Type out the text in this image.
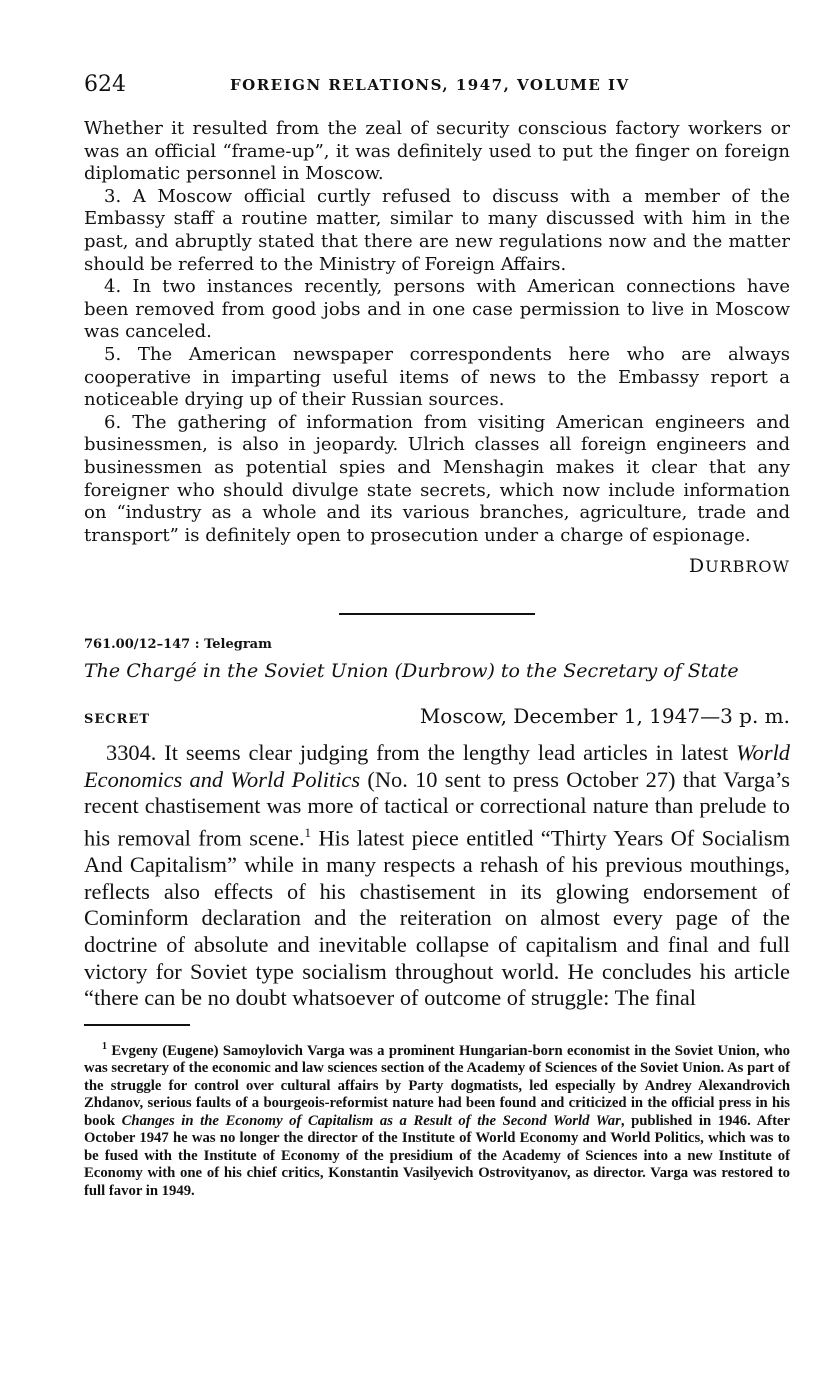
624	FOREIGN RELATIONS, 1947, VOLUME IV

Whether it resulted from the zeal of security conscious factory workers or was an official “frame-up”, it was definitely used to put the finger on foreign diplomatic personnel in Moscow.

3. A Moscow official curtly refused to discuss with a member of the Embassy staff a routine matter, similar to many discussed with him in the past, and abruptly stated that there are new regulations now and the matter should be referred to the Ministry of Foreign Affairs.

4. In two instances recently, persons with American connections have been removed from good jobs and in one case permission to live in Moscow was canceled.

5. The American newspaper correspondents here who are always cooperative in imparting useful items of news to the Embassy report a noticeable drying up of their Russian sources.

6. The gathering of information from visiting American engineers and businessmen, is also in jeopardy. Ulrich classes all foreign engineers and businessmen as potential spies and Menshagin makes it clear that any foreigner who should divulge state secrets, which now include information on “industry as a whole and its various branches, agriculture, trade and transport” is definitely open to prosecution under a charge of espionage.

DURBROW
761.00/12–147 : Telegram
The Chargé in the Soviet Union (Durbrow) to the Secretary of State
SECRET	Moscow, December 1, 1947—3 p. m.

3304. It seems clear judging from the lengthy lead articles in latest World Economics and World Politics (No. 10 sent to press October 27) that Varga’s recent chastisement was more of tactical or correctional nature than prelude to his removal from scene.$^1$ His latest piece entitled “Thirty Years Of Socialism And Capitalism” while in many respects a rehash of his previous mouthings, reflects also effects of his chastisement in its glowing endorsement of Cominform declaration and the reiteration on almost every page of the doctrine of absolute and inevitable collapse of capitalism and final and full victory for Soviet type socialism throughout world. He concludes his article “there can be no doubt whatsoever of outcome of struggle: The final

$^1$ Evgeny (Eugene) Samoylovich Varga was a prominent Hungarian-born economist in the Soviet Union, who was secretary of the economic and law sciences section of the Academy of Sciences of the Soviet Union. As part of the struggle for control over cultural affairs by Party dogmatists, led especially by Andrey Alexandrovich Zhdanov, serious faults of a bourgeois-reformist nature had been found and criticized in the official press in his book Changes in the Economy of Capitalism as a Result of the Second World War, published in 1946. After October 1947 he was no longer the director of the Institute of World Economy and World Politics, which was to be fused with the Institute of Economy of the presidium of the Academy of Sciences into a new Institute of Economy with one of his chief critics, Konstantin Vasilyevich Ostrovityanov, as director. Varga was restored to full favor in 1949.
